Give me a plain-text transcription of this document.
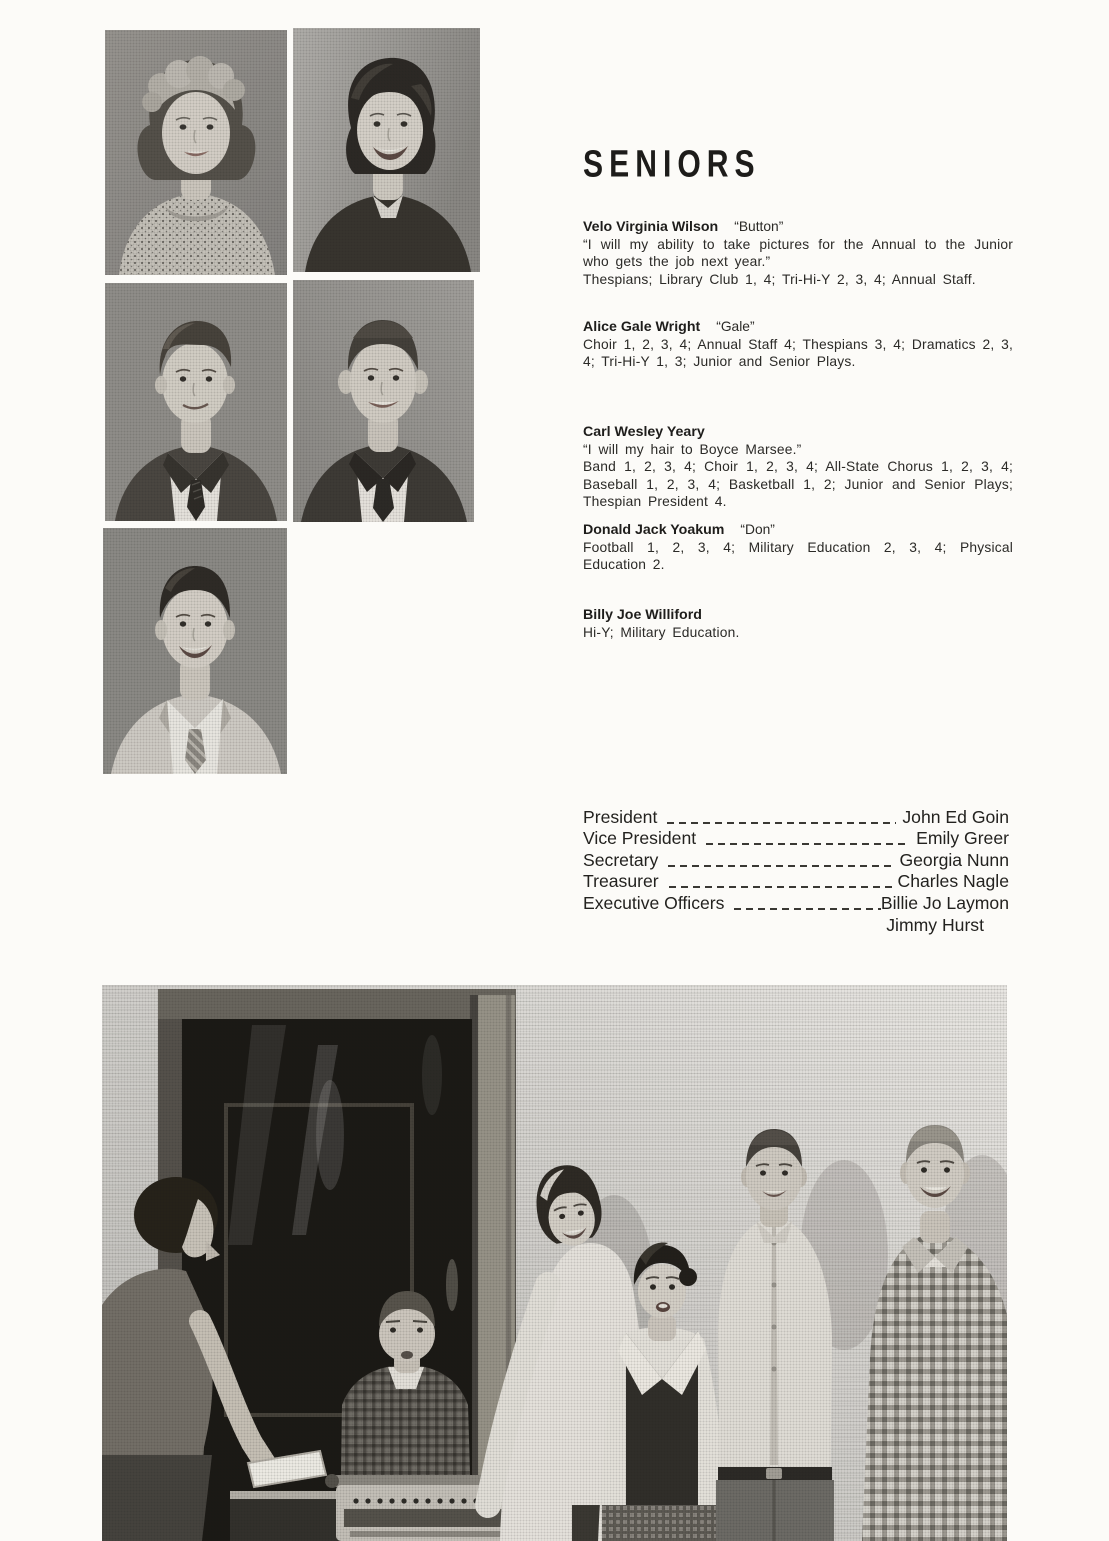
SENIORS

Velo Virginia Wilson “Button”

“I will my ability to take pictures for the Annual to the Junior who gets the job next year.”

Thespians; Library Club 1, 4; Tri-Hi-Y 2, 3, 4; Annual Staff.

Alice Gale Wright “Gale”

Choir 1, 2, 3, 4; Annual Staff 4; Thespians 3, 4; Dramatics 2, 3, 4; Tri-Hi-Y 1, 3; Junior and Senior Plays.

Carl Wesley Yeary

“I will my hair to Boyce Marsee.”

Band 1, 2, 3, 4; Choir 1, 2, 3, 4; All-State Chorus 1, 2, 3, 4; Baseball 1, 2, 3, 4; Basketball 1, 2; Junior and Senior Plays; Thespian President 4.

Donald Jack Yoakum “Don”

Football 1, 2, 3, 4; Military Education 2, 3, 4; Physical Education 2.

Billy Joe Williford

Hi-Y; Military Education.

President	John Ed Goin
Vice President	Emily Greer
Secretary	Georgia Nunn
Treasurer	Charles Nagle
Executive Officers	Billie Jo Laymon
Jimmy Hurst
